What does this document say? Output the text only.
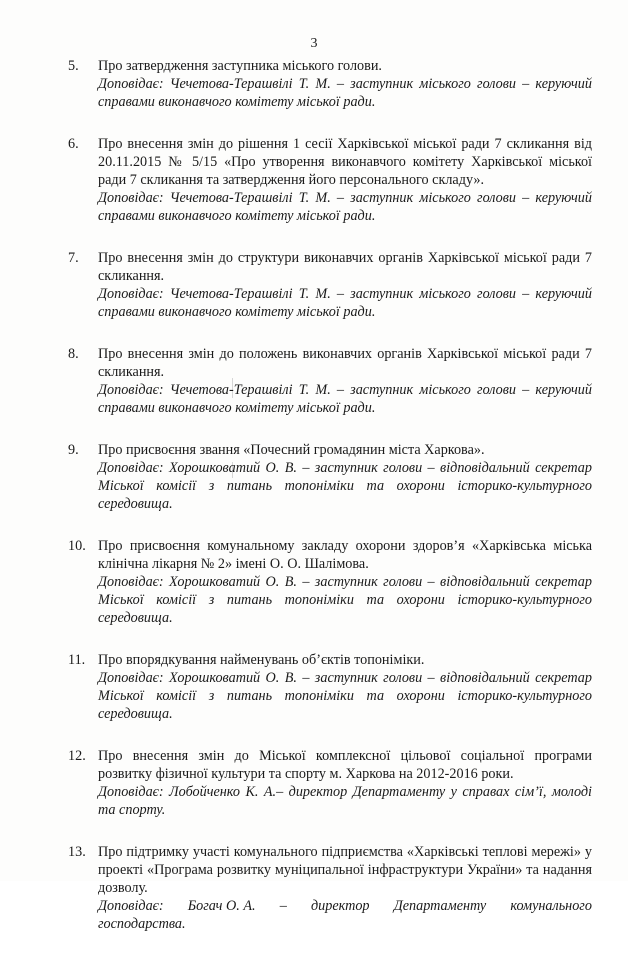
3
5.	Про затвердження заступника міського голови.
Доповідає: Чечетова-Терашвілі Т. М. – заступник міського голови – керуючий справами виконавчого комітету міської ради.
6.	Про внесення змін до рішення 1 сесії Харківської міської ради 7 скликання від 20.11.2015 № 5/15 «Про утворення виконавчого комітету Харківської міської ради 7 скликання та затвердження його персонального складу».
Доповідає: Чечетова-Терашвілі Т. М. – заступник міського голови – керуючий справами виконавчого комітету міської ради.
7.	Про внесення змін до структури виконавчих органів Харківської міської ради 7 скликання.
Доповідає: Чечетова-Терашвілі Т. М. – заступник міського голови – керуючий справами виконавчого комітету міської ради.
8.	Про внесення змін до положень виконавчих органів Харківської міської ради 7 скликання.
Доповідає: Чечетова-Терашвілі Т. М. – заступник міського голови – керуючий справами виконавчого комітету міської ради.
9.	Про присвоєння звання «Почесний громадянин міста Харкова».
Доповідає: Хорошковатий О. В. – заступник голови – відповідальний секретар Міської комісії з питань топоніміки та охорони історико-культурного середовища.
10. Про присвоєння комунальному закладу охорони здоров’я «Харківська міська клінічна лікарня № 2» імені О. О. Шалімова.
Доповідає: Хорошковатий О. В. – заступник голови – відповідальний секретар Міської комісії з питань топоніміки та охорони історико-культурного середовища.
11. Про впорядкування найменувань об’єктів топоніміки.
Доповідає: Хорошковатий О. В. – заступник голови – відповідальний секретар Міської комісії з питань топоніміки та охорони історико-культурного середовища.
12. Про внесення змін до Міської комплексної цільової соціальної програми розвитку фізичної культури та спорту м. Харкова на 2012-2016 роки.
Доповідає: Лобойченко К. А.– директор Департаменту у справах сім’ї, молоді та спорту.
13. Про підтримку участі комунального підприємства «Харківські теплові мережі» у проекті «Програма розвитку муніципальної інфраструктури України» та надання дозволу.
Доповідає: Богач О. А. – директор Департаменту комунального
господарства.
